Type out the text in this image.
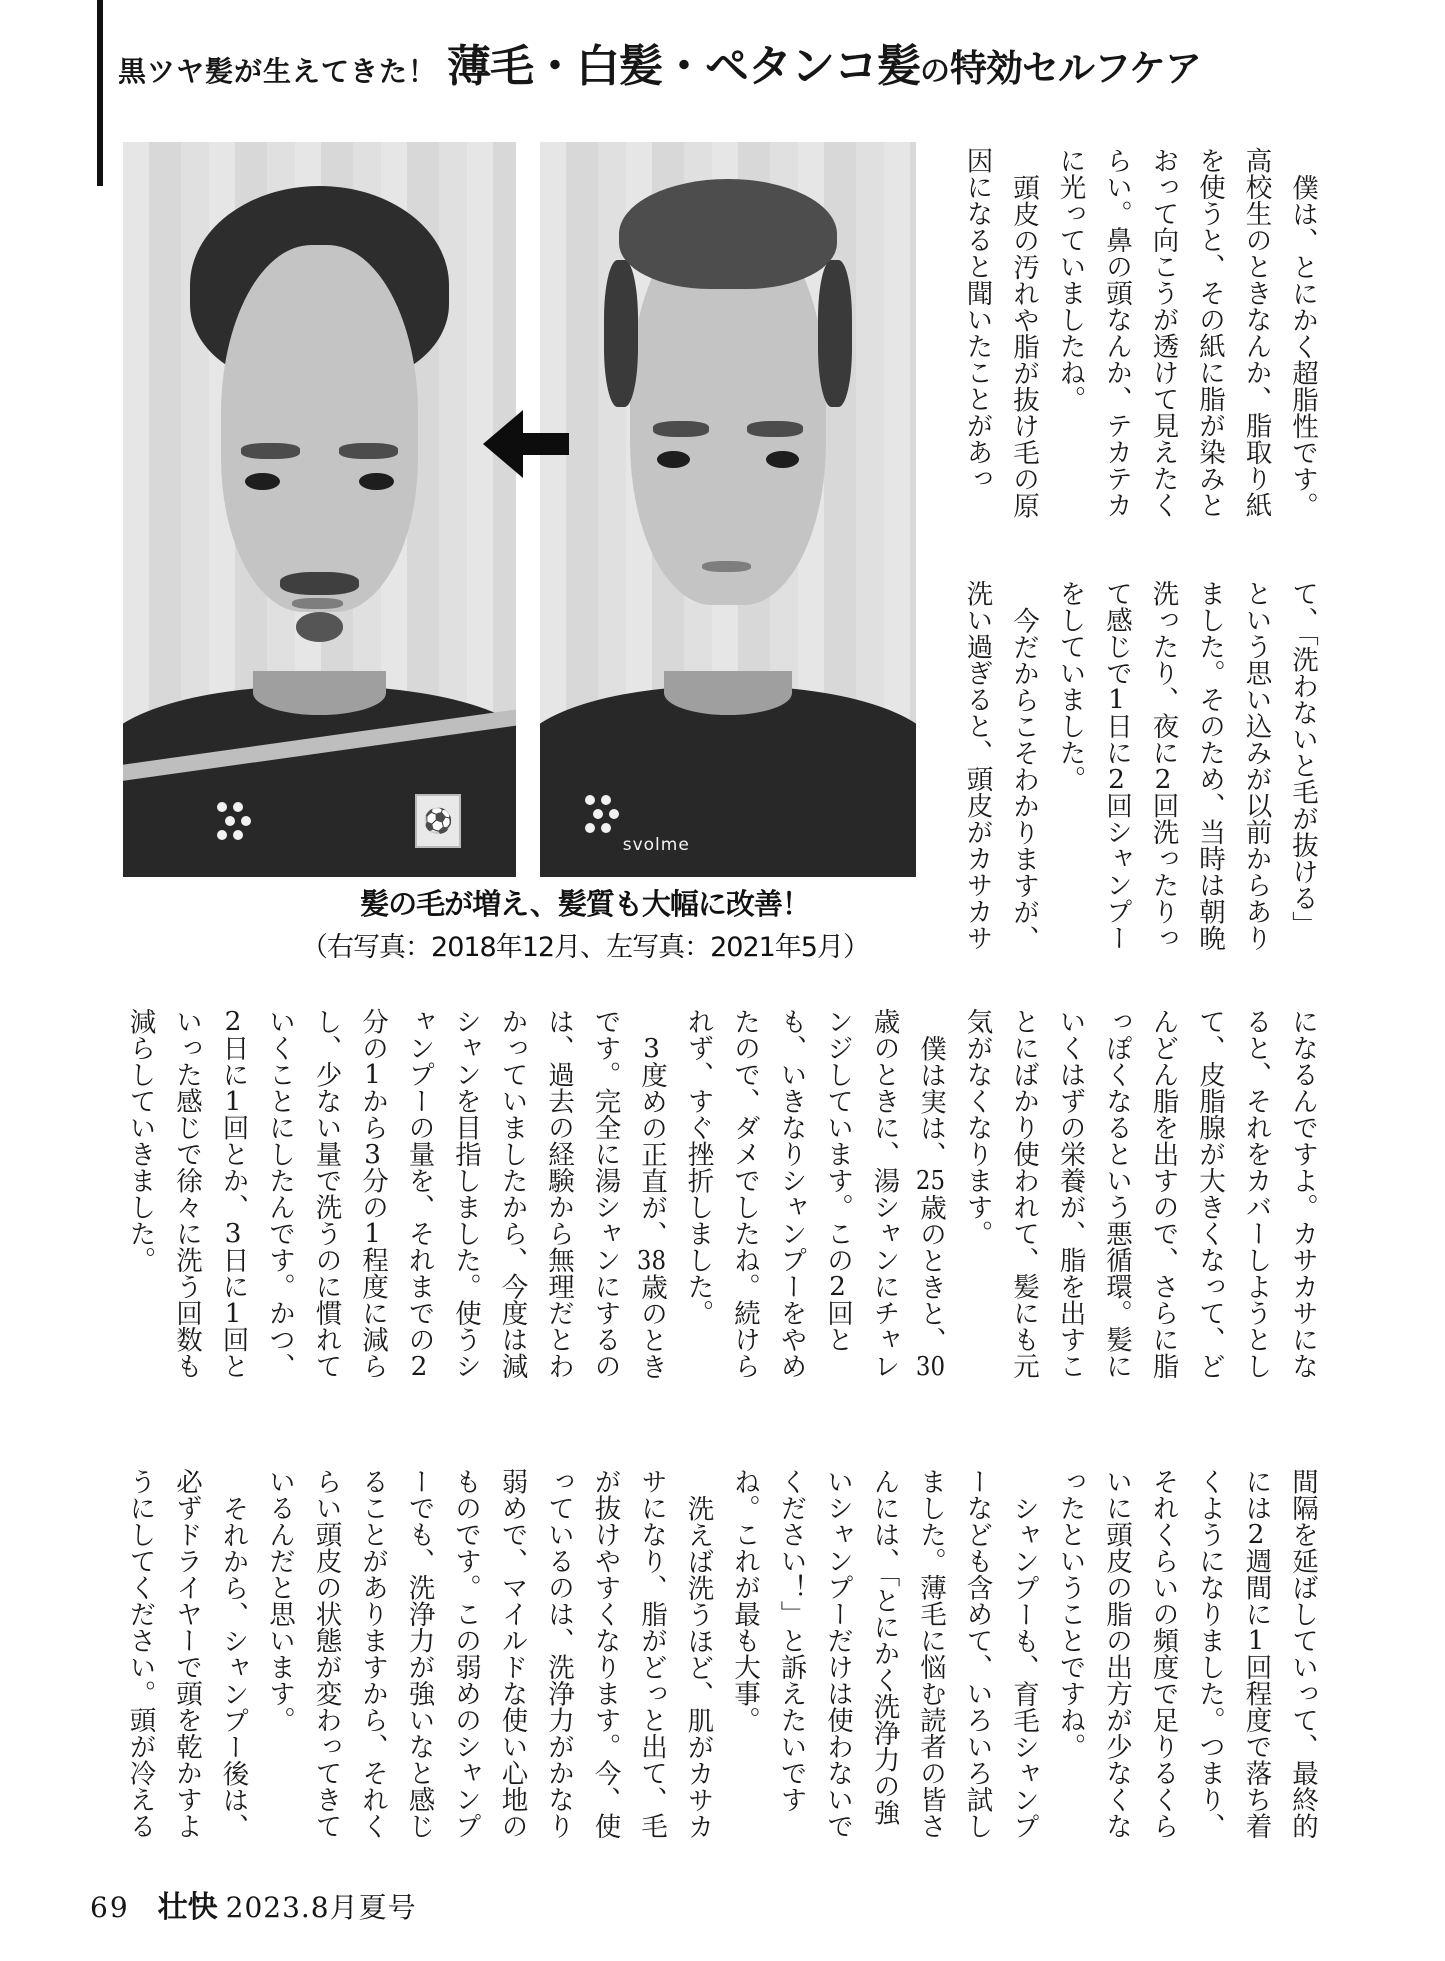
黒ツヤ髪が生えてきた！ 薄毛・白髪・ペタンコ髪 の 特効セルフケア
⚽
svolme
髪の毛が増え、髪質も大幅に改善！
（右写真：2018年12月、左写真：2021年5月）

僕は、とにかく超脂性です。高校生のときなんか、脂取り紙を使うと、その紙に脂が染みとおって向こうが透けて見えたくらい。鼻の頭なんか、テカテカに光っていましたね。

頭皮の汚れや脂が抜け毛の原因になると聞いたことがあっ

て、「洗わないと毛が抜ける」という思い込みが以前からありました。そのため、当時は朝晩洗ったり、夜に2回洗ったりって感じで1日に2回シャンプーをしていました。

今だからこそわかりますが、洗い過ぎると、頭皮がカサカサ

になるんですよ。カサカサになると、それをカバーしようとして、皮脂腺が大きくなって、どんどん脂を出すので、さらに脂っぽくなるという悪循環。髪にいくはずの栄養が、脂を出すことにばかり使われて、髪にも元気がなくなります。

僕は実は、25歳のときと、30歳のときに、湯シャンにチャレンジしています。この2回とも、いきなりシャンプーをやめたので、ダメでしたね。続けられず、すぐ挫折しました。

3度めの正直が、38歳のときです。完全に湯シャンにするのは、過去の経験から無理だとわかっていましたから、今度は減シャンを目指しました。使うシャンプーの量を、それまでの2分の1から3分の1程度に減らし、少ない量で洗うのに慣れていくことにしたんです。かつ、2日に1回とか、3日に1回といった感じで徐々に洗う回数も減らしていきました。

間隔を延ばしていって、最終的には2週間に1回程度で落ち着くようになりました。つまり、それくらいの頻度で足りるくらいに頭皮の脂の出方が少なくなったということですね。

シャンプーも、育毛シャンプーなども含めて、いろいろ試しました。薄毛に悩む読者の皆さんには、「とにかく洗浄力の強いシャンプーだけは使わないでください！」と訴えたいですね。これが最も大事。

洗えば洗うほど、肌がカサカサになり、脂がどっと出て、毛が抜けやすくなります。今、使っているのは、洗浄力がかなり弱めで、マイルドな使い心地のものです。この弱めのシャンプーでも、洗浄力が強いなと感じることがありますから、それくらい頭皮の状態が変わってきているんだと思います。

それから、シャンプー後は、必ずドライヤーで頭を乾かすようにしてください。頭が冷える

69 壮快 2023.8月夏号
